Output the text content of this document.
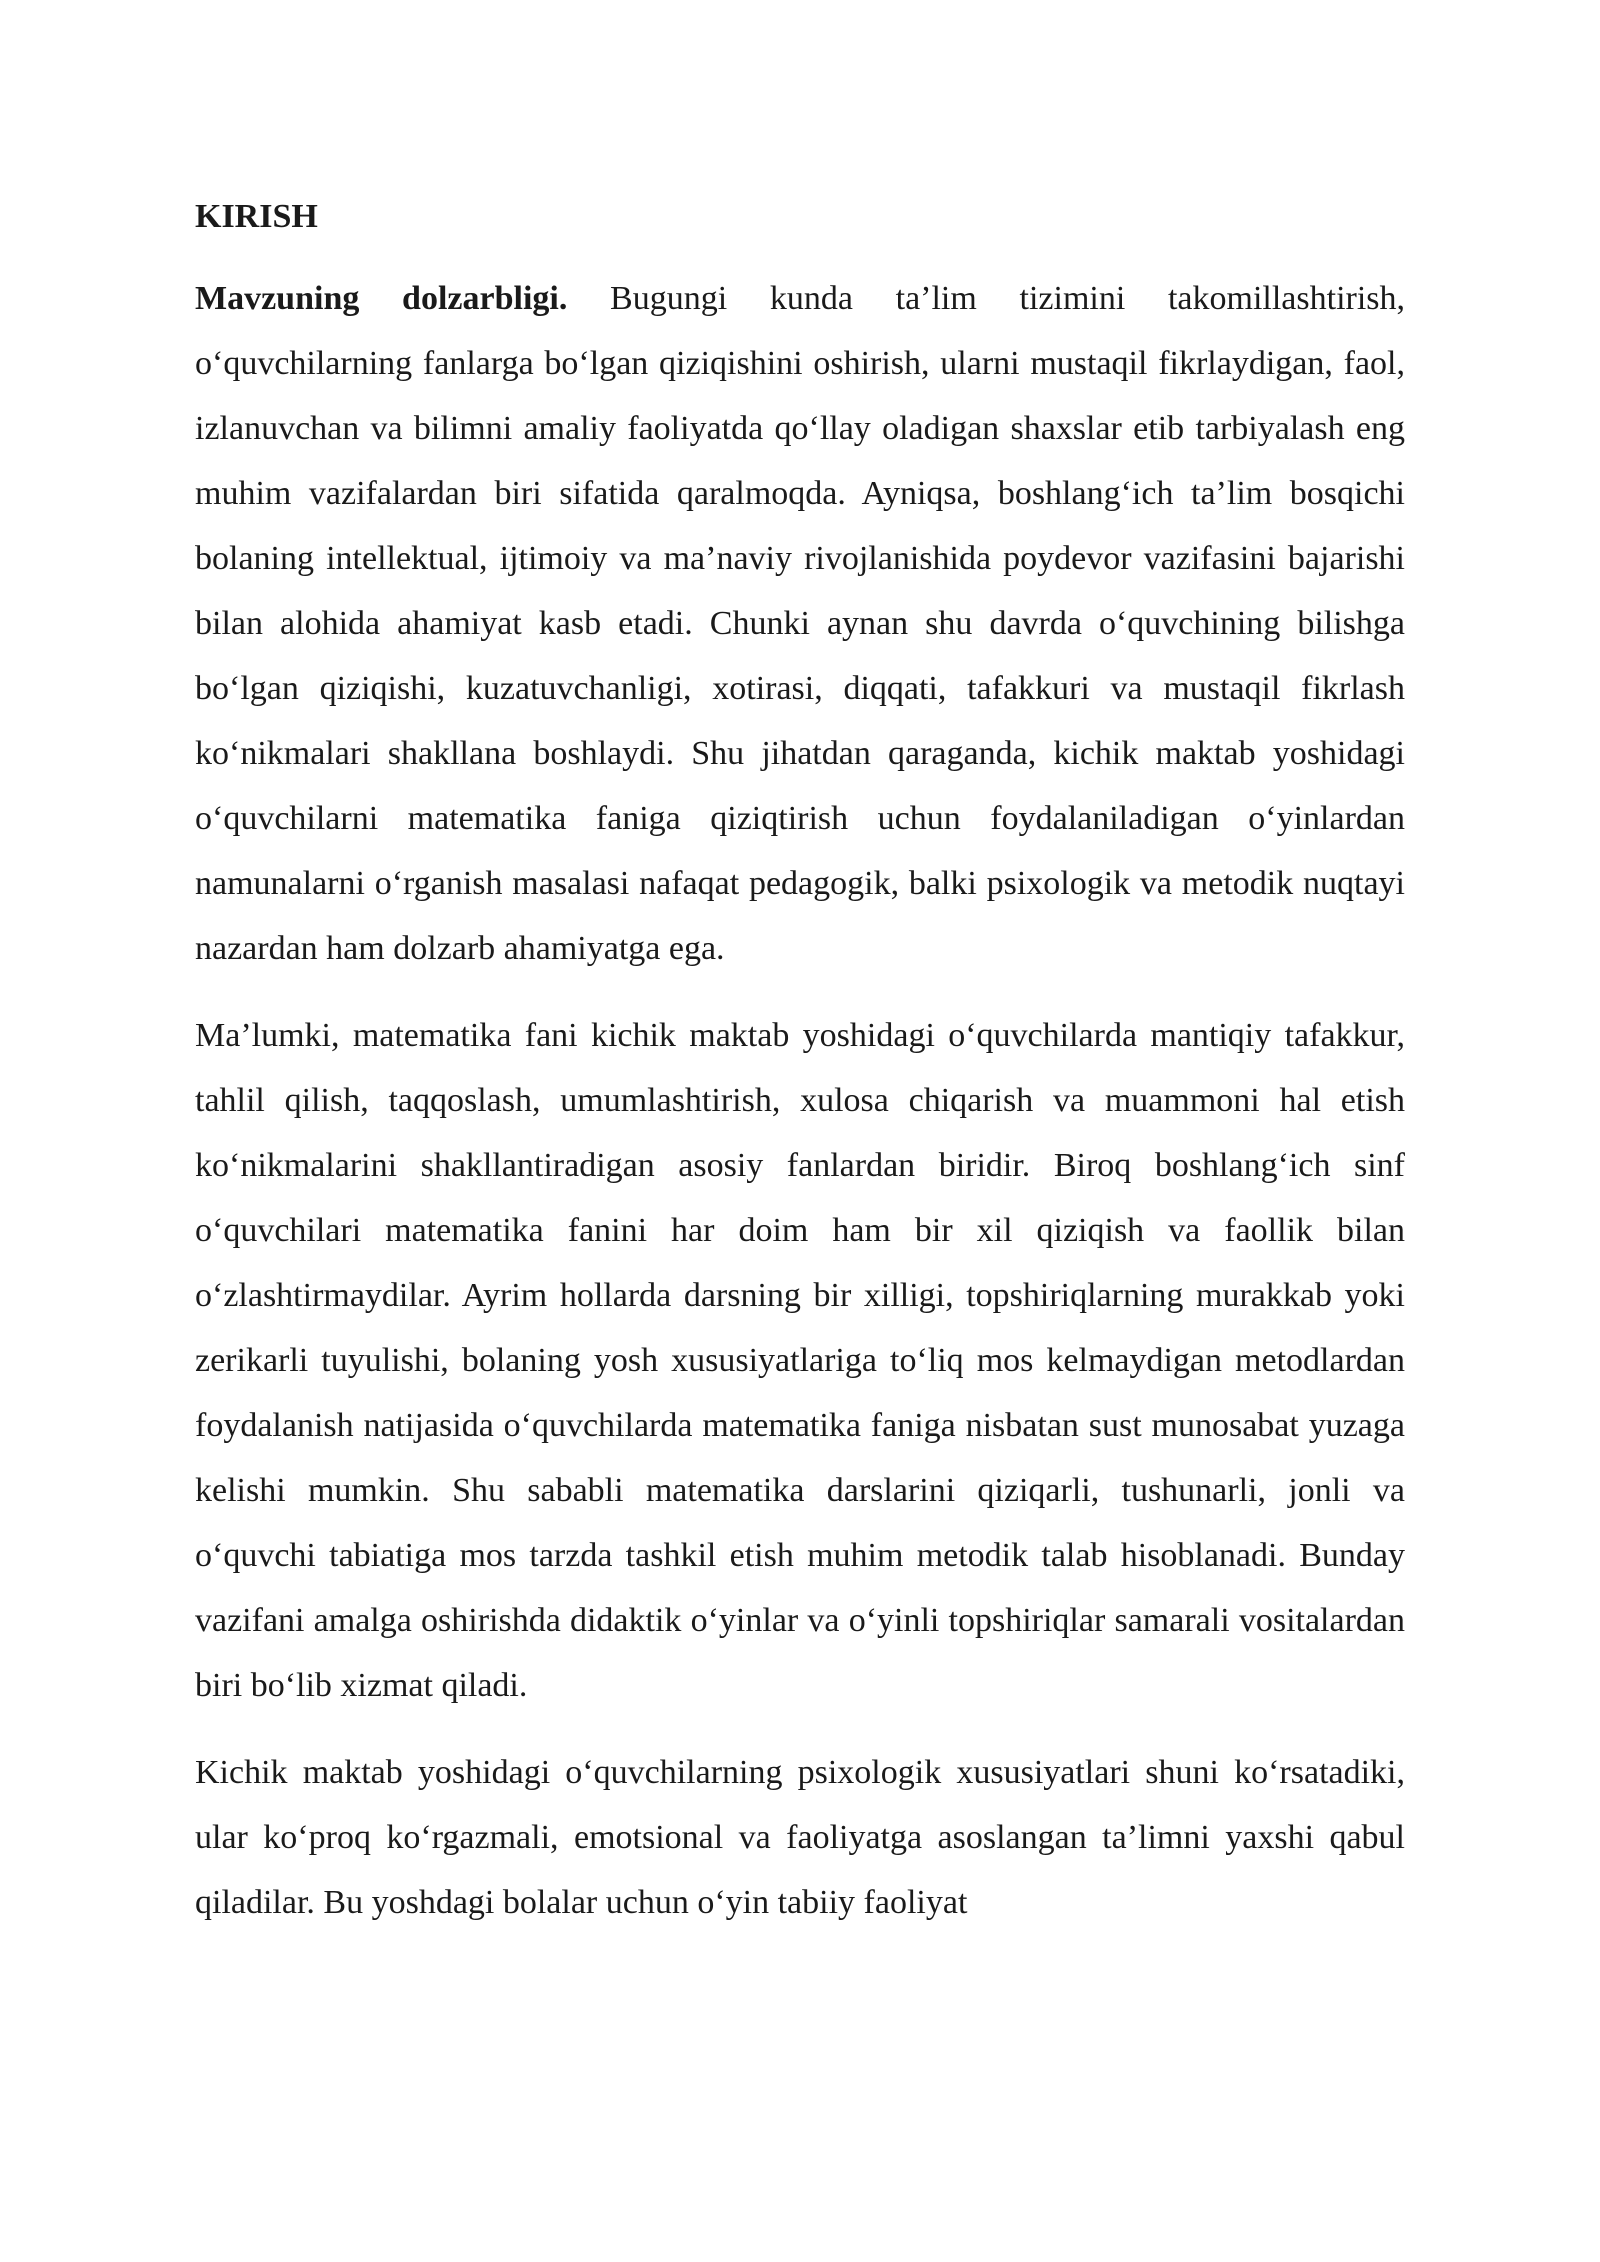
KIRISH

Mavzuning dolzarbligi. Bugungi kunda ta’lim tizimini takomillashtirish, o‘quvchilarning fanlarga bo‘lgan qiziqishini oshirish, ularni mustaqil fikrlaydigan, faol, izlanuvchan va bilimni amaliy faoliyatda qo‘llay oladigan shaxslar etib tarbiyalash eng muhim vazifalardan biri sifatida qaralmoqda. Ayniqsa, boshlang‘ich ta’lim bosqichi bolaning intellektual, ijtimoiy va ma’naviy rivojlanishida poydevor vazifasini bajarishi bilan alohida ahamiyat kasb etadi. Chunki aynan shu davrda o‘quvchining bilishga bo‘lgan qiziqishi, kuzatuvchanligi, xotirasi, diqqati, tafakkuri va mustaqil fikrlash ko‘nikmalari shakllana boshlaydi. Shu jihatdan qaraganda, kichik maktab yoshidagi o‘quvchilarni matematika faniga qiziqtirish uchun foydalaniladigan o‘yinlardan namunalarni o‘rganish masalasi nafaqat pedagogik, balki psixologik va metodik nuqtayi nazardan ham dolzarb ahamiyatga ega.

Ma’lumki, matematika fani kichik maktab yoshidagi o‘quvchilarda mantiqiy tafakkur, tahlil qilish, taqqoslash, umumlashtirish, xulosa chiqarish va muammoni hal etish ko‘nikmalarini shakllantiradigan asosiy fanlardan biridir. Biroq boshlang‘ich sinf o‘quvchilari matematika fanini har doim ham bir xil qiziqish va faollik bilan o‘zlashtirmaydilar. Ayrim hollarda darsning bir xilligi, topshiriqlarning murakkab yoki zerikarli tuyulishi, bolaning yosh xususiyatlariga to‘liq mos kelmaydigan metodlardan foydalanish natijasida o‘quvchilarda matematika faniga nisbatan sust munosabat yuzaga kelishi mumkin. Shu sababli matematika darslarini qiziqarli, tushunarli, jonli va o‘quvchi tabiatiga mos tarzda tashkil etish muhim metodik talab hisoblanadi. Bunday vazifani amalga oshirishda didaktik o‘yinlar va o‘yinli topshiriqlar samarali vositalardan biri bo‘lib xizmat qiladi.

Kichik maktab yoshidagi o‘quvchilarning psixologik xususiyatlari shuni ko‘rsatadiki, ular ko‘proq ko‘rgazmali, emotsional va faoliyatga asoslangan ta’limni yaxshi qabul qiladilar. Bu yoshdagi bolalar uchun o‘yin tabiiy faoliyat
